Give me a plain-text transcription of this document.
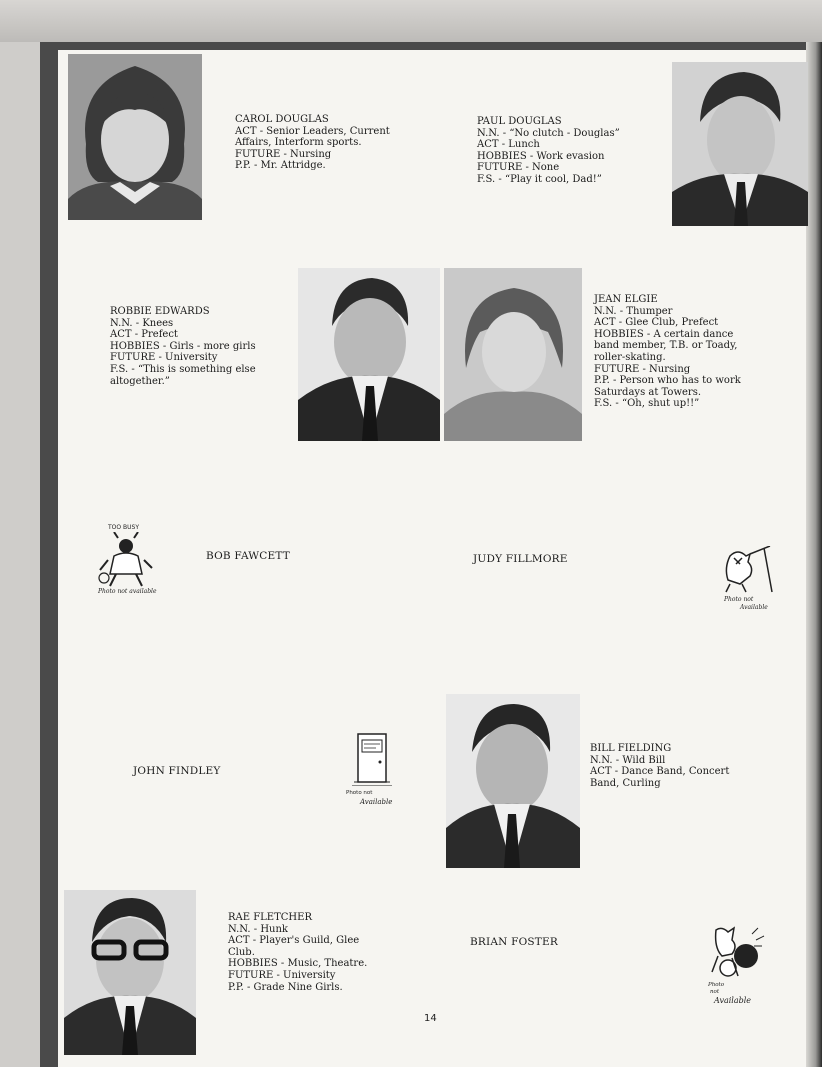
CAROL DOUGLAS
ACT - Senior Leaders, Current
Affairs, Interform sports.
FUTURE - Nursing
P.P. - Mr. Attridge.
PAUL DOUGLAS
N.N. - “No clutch - Douglas”
ACT - Lunch
HOBBIES - Work evasion
FUTURE - None
F.S. - “Play it cool, Dad!”
ROBBIE EDWARDS
N.N. - Knees
ACT - Prefect
HOBBIES - Girls - more girls
FUTURE - University
F.S. - “This is something else
altogether.”
JEAN ELGIE
N.N. - Thumper
ACT - Glee Club, Prefect
HOBBIES - A certain dance
band member, T.B. or Toady,
roller-skating.
FUTURE - Nursing
P.P. - Person who has to work
Saturdays at Towers.
F.S. - “Oh, shut up!!”
BOB FAWCETT	JUDY FILLMORE
JOHN FINDLEY
BILL FIELDING
N.N. - Wild Bill
ACT - Dance Band, Concert
Band, Curling
RAE FLETCHER
N.N. - Hunk
ACT - Player's Guild, Glee
Club.
HOBBIES - Music, Theatre.
FUTURE - University
P.P. - Grade Nine Girls.
BRIAN FOSTER
TOO BUSY
Photo not available
Photo not
Available
Photo not
Available
Photo
not
Available
14
